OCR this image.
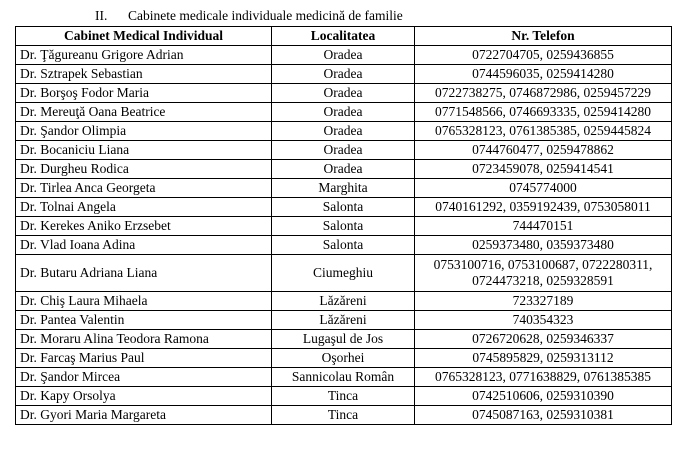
II. Cabinete medicale individuale medicină de familie
Cabinet Medical Individual	Localitatea	Nr. Telefon
Dr. Ţăgureanu Grigore Adrian	Oradea	0722704705, 0259436855

Dr. Sztrapek Sebastian	Oradea	0744596035, 0259414280

Dr. Borşoş Fodor Maria	Oradea	0722738275, 0746872986, 0259457229

Dr. Mereuţă Oana Beatrice	Oradea	0771548566, 0746693335, 0259414280

Dr. Şandor Olimpia	Oradea	0765328123, 0761385385, 0259445824

Dr. Bocaniciu Liana	Oradea	0744760477, 0259478862

Dr. Durgheu Rodica	Oradea	0723459078, 0259414541

Dr. Tirlea Anca Georgeta	Marghita	0745774000

Dr. Tolnai Angela	Salonta	0740161292, 0359192439, 0753058011

Dr. Kerekes Aniko Erzsebet	Salonta	744470151

Dr. Vlad Ioana Adina	Salonta	0259373480, 0359373480

Dr. Butaru Adriana Liana	Ciumeghiu	0753100716, 0753100687, 0722280311,
0724473218, 0259328591

Dr. Chiş Laura Mihaela	Lăzăreni	723327189

Dr. Pantea Valentin	Lăzăreni	740354323

Dr. Moraru Alina Teodora Ramona	Lugaşul de Jos	0726720628, 0259346337

Dr. Farcaş Marius Paul	Oşorhei	0745895829, 0259313112

Dr. Şandor Mircea	Sannicolau Român	0765328123, 0771638829, 0761385385

Dr. Kapy Orsolya	Tinca	0742510606, 0259310390

Dr. Gyori Maria Margareta	Tinca	0745087163, 0259310381
